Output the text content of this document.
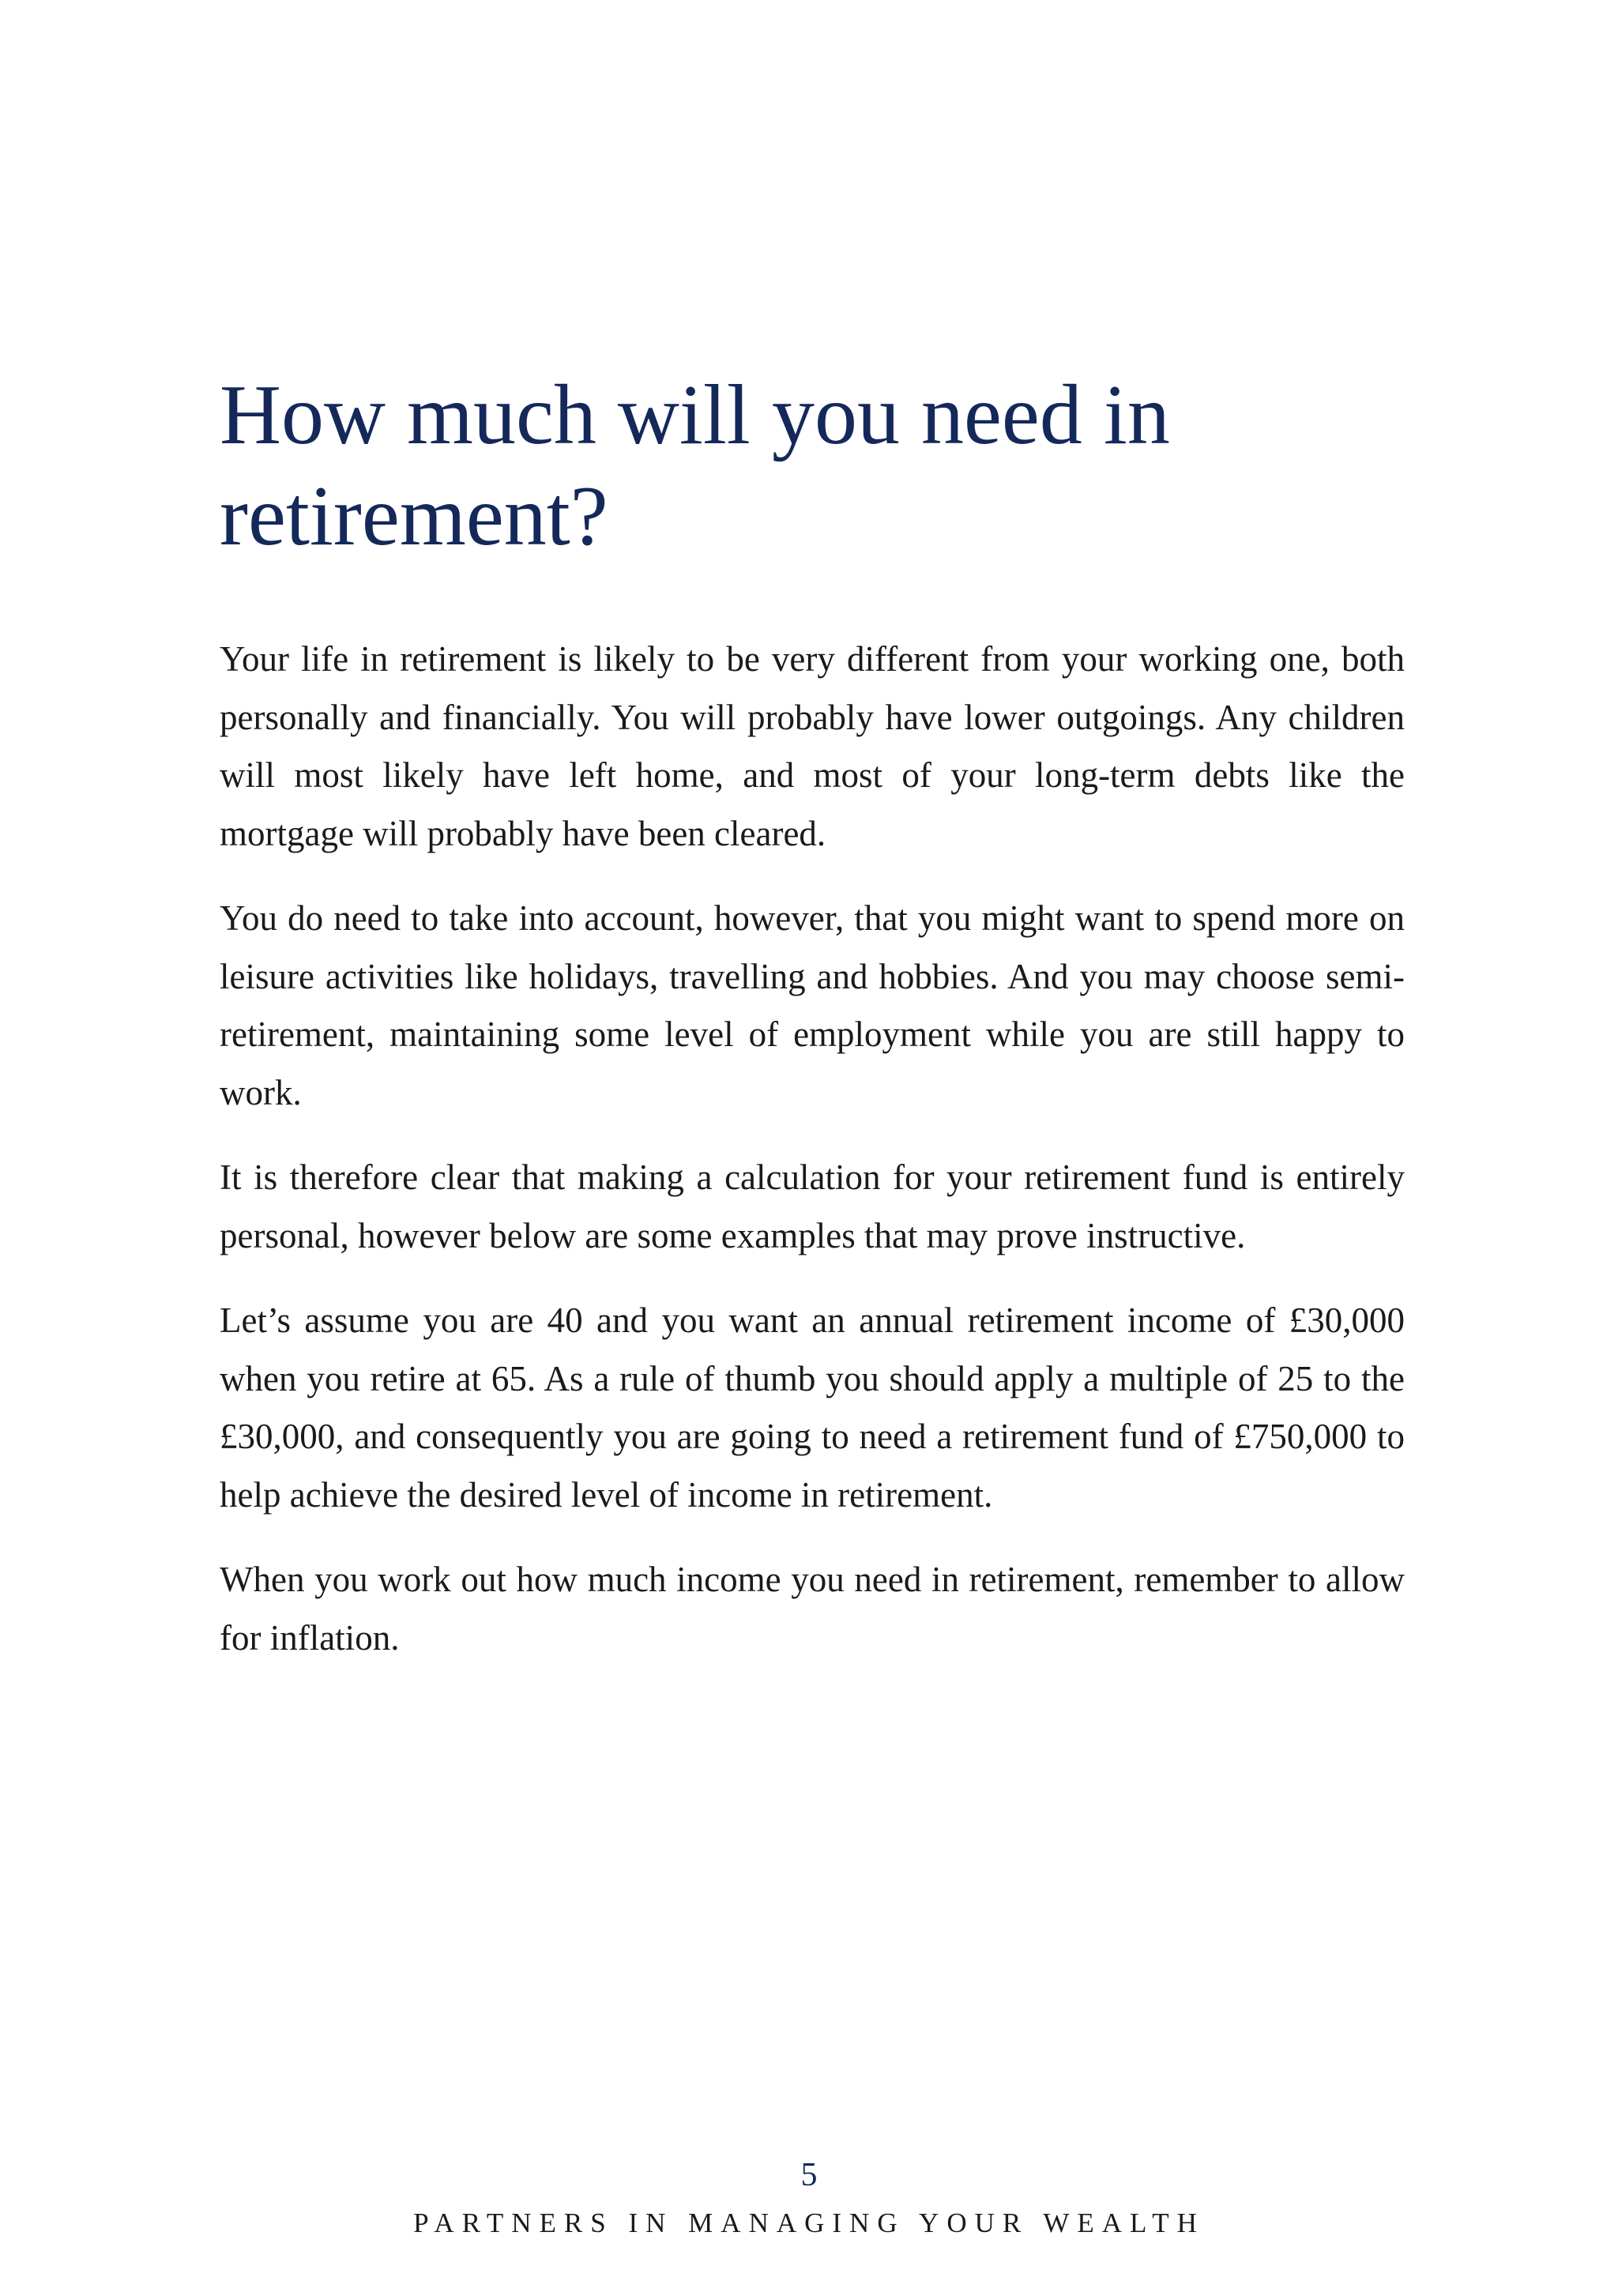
How much will you need in retirement?

Your life in retirement is likely to be very different from your working one, both personally and financially. You will probably have lower outgoings. Any children will most likely have left home, and most of your long-term debts like the mortgage will probably have been cleared.

You do need to take into account, however, that you might want to spend more on leisure activities like holidays, travelling and hobbies. And you may choose semi-retirement, maintaining some level of employment while you are still happy to work.

It is therefore clear that making a calculation for your retirement fund is entirely personal, however below are some examples that may prove instructive.

Let’s assume you are 40 and you want an annual retirement income of £30,000 when you retire at 65. As a rule of thumb you should apply a multiple of 25 to the £30,000, and consequently you are going to need a retirement fund of £750,000 to help achieve the desired level of income in retirement.

When you work out how much income you need in retirement, remember to allow for inflation.

5
PARTNERS IN MANAGING YOUR WEALTH
